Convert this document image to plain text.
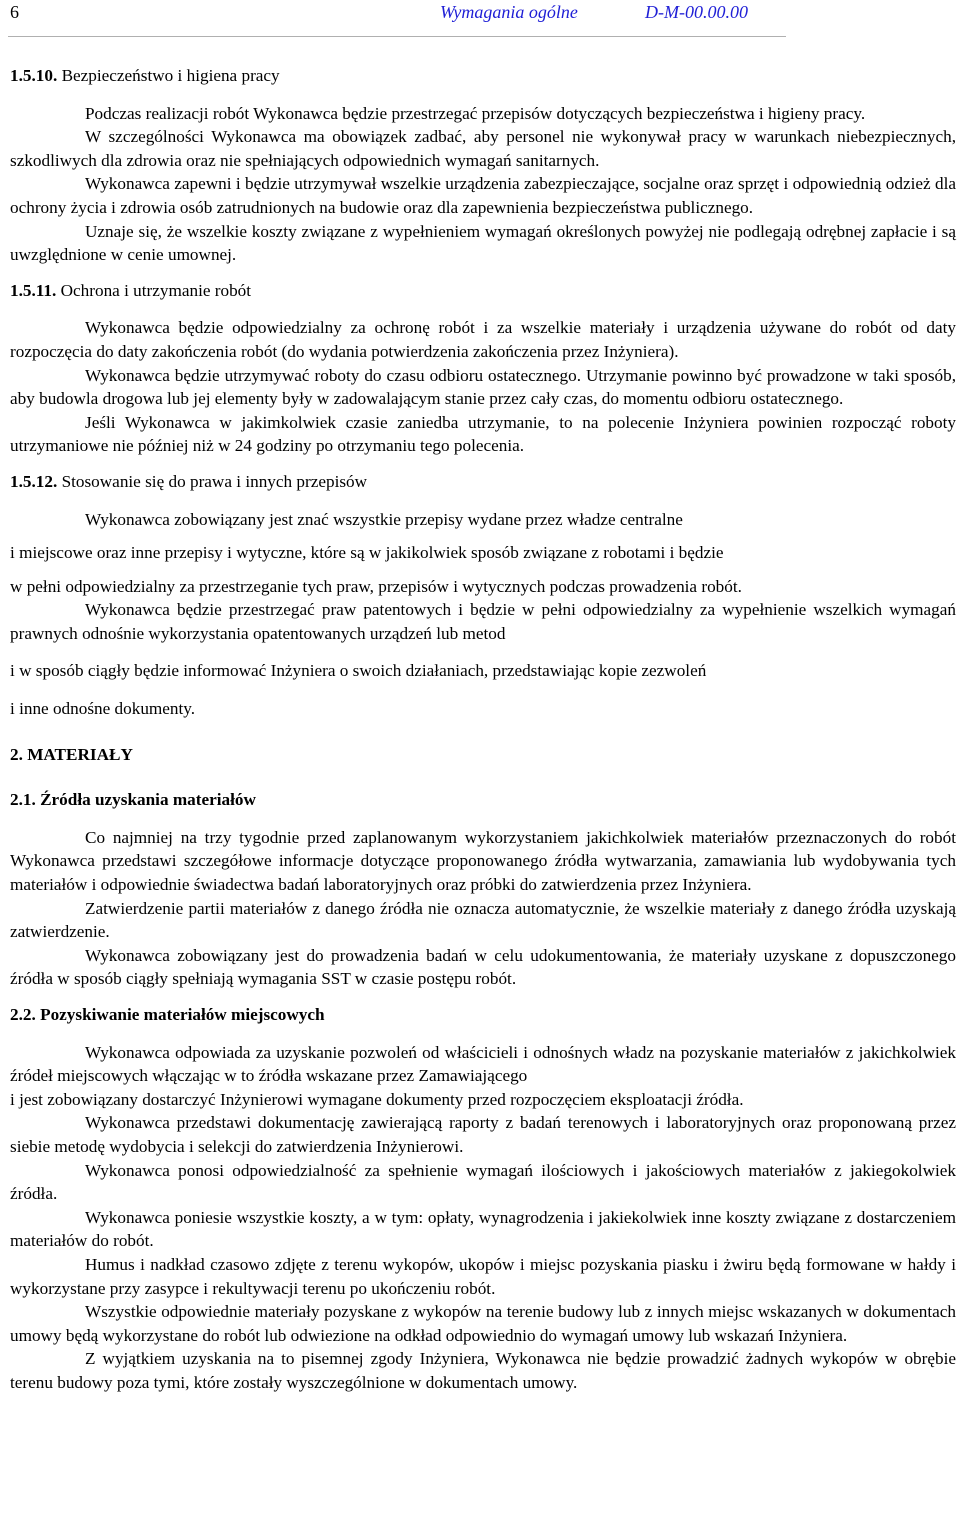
6	Wymagania ogólne	D-M-00.00.00
1.5.10. Bezpieczeństwo i higiena pracy

Podczas realizacji robót Wykonawca będzie przestrzegać przepisów dotyczących bezpieczeństwa i higieny pracy.

W szczególności Wykonawca ma obowiązek zadbać, aby personel nie wykonywał pracy w warunkach niebezpiecznych, szkodliwych dla zdrowia oraz nie spełniających odpowiednich wymagań sanitarnych.

Wykonawca zapewni i będzie utrzymywał wszelkie urządzenia zabezpieczające, socjalne oraz sprzęt i odpowiednią odzież dla ochrony życia i zdrowia osób zatrudnionych na budowie oraz dla zapewnienia bezpieczeństwa publicznego.

Uznaje się, że wszelkie koszty związane z wypełnieniem wymagań określonych powyżej nie podlegają odrębnej zapłacie i są uwzględnione w cenie umownej.

1.5.11. Ochrona i utrzymanie robót

Wykonawca będzie odpowiedzialny za ochronę robót i za wszelkie materiały i urządzenia używane do robót od daty rozpoczęcia do daty zakończenia robót (do wydania potwierdzenia zakończenia przez Inżyniera).

Wykonawca będzie utrzymywać roboty do czasu odbioru ostatecznego. Utrzymanie powinno być prowadzone w taki sposób, aby budowla drogowa lub jej elementy były w zadowalającym stanie przez cały czas, do momentu odbioru ostatecznego.

Jeśli Wykonawca w jakimkolwiek czasie zaniedba utrzymanie, to na polecenie Inżyniera powinien rozpocząć roboty utrzymaniowe nie później niż w 24 godziny po otrzymaniu tego polecenia.

1.5.12. Stosowanie się do prawa i innych przepisów

Wykonawca zobowiązany jest znać wszystkie przepisy wydane przez władze centralne

i miejscowe oraz inne przepisy i wytyczne, które są w jakikolwiek sposób związane z robotami i będzie

w pełni odpowiedzialny za przestrzeganie tych praw, przepisów i wytycznych podczas prowadzenia robót.

Wykonawca będzie przestrzegać praw patentowych i będzie w pełni odpowiedzialny za wypełnienie wszelkich wymagań prawnych odnośnie wykorzystania opatentowanych urządzeń lub metod

i w sposób ciągły będzie informować Inżyniera o swoich działaniach, przedstawiając kopie zezwoleń

i inne odnośne dokumenty.

2. MATERIAŁY
2.1. Źródła uzyskania materiałów

Co najmniej na trzy tygodnie przed zaplanowanym wykorzystaniem jakichkolwiek materiałów przeznaczonych do robót Wykonawca przedstawi szczegółowe informacje dotyczące proponowanego źródła wytwarzania, zamawiania lub wydobywania tych materiałów i odpowiednie świadectwa badań laboratoryjnych oraz próbki do zatwierdzenia przez Inżyniera.

Zatwierdzenie partii materiałów z danego źródła nie oznacza automatycznie, że wszelkie materiały z danego źródła uzyskają zatwierdzenie.

Wykonawca zobowiązany jest do prowadzenia badań w celu udokumentowania, że materiały uzyskane z dopuszczonego źródła w sposób ciągły spełniają wymagania SST w czasie postępu robót.

2.2. Pozyskiwanie materiałów miejscowych

Wykonawca odpowiada za uzyskanie pozwoleń od właścicieli i odnośnych władz na pozyskanie materiałów z jakichkolwiek źródeł miejscowych włączając w to źródła wskazane przez Zamawiającego

i jest zobowiązany dostarczyć Inżynierowi wymagane dokumenty przed rozpoczęciem eksploatacji źródła.

Wykonawca przedstawi dokumentację zawierającą raporty z badań terenowych i laboratoryjnych oraz proponowaną przez siebie metodę wydobycia i selekcji do zatwierdzenia Inżynierowi.

Wykonawca ponosi odpowiedzialność za spełnienie wymagań ilościowych i jakościowych materiałów z jakiegokolwiek źródła.

Wykonawca poniesie wszystkie koszty, a w tym: opłaty, wynagrodzenia i jakiekolwiek inne koszty związane z dostarczeniem materiałów do robót.

Humus i nadkład czasowo zdjęte z terenu wykopów, ukopów i miejsc pozyskania piasku i żwiru będą formowane w hałdy i wykorzystane przy zasypce i rekultywacji terenu po ukończeniu robót.

Wszystkie odpowiednie materiały pozyskane z wykopów na terenie budowy lub z innych miejsc wskazanych w dokumentach umowy będą wykorzystane do robót lub odwiezione na odkład odpowiednio do wymagań umowy lub wskazań Inżyniera.

Z wyjątkiem uzyskania na to pisemnej zgody Inżyniera, Wykonawca nie będzie prowadzić żadnych wykopów w obrębie terenu budowy poza tymi, które zostały wyszczególnione w dokumentach umowy.
